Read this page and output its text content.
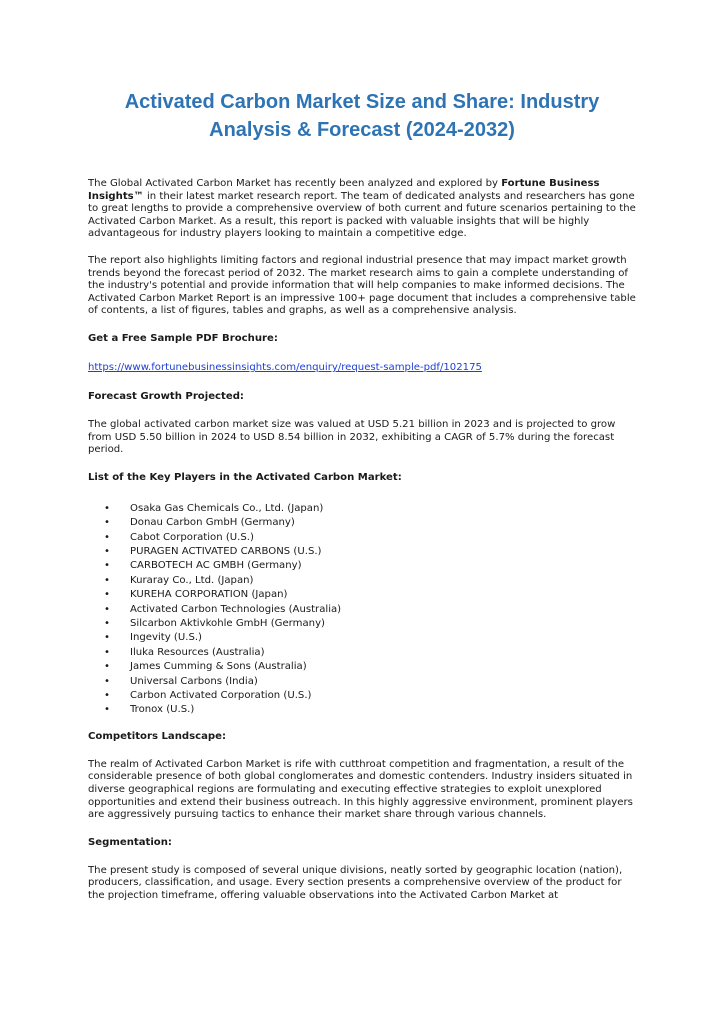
Activated Carbon Market Size and Share: Industry Analysis & Forecast (2024-2032)

The Global Activated Carbon Market has recently been analyzed and explored by Fortune Business Insights™ in their latest market research report. The team of dedicated analysts and researchers has gone to great lengths to provide a comprehensive overview of both current and future scenarios pertaining to the Activated Carbon Market. As a result, this report is packed with valuable insights that will be highly advantageous for industry players looking to maintain a competitive edge.

The report also highlights limiting factors and regional industrial presence that may impact market growth trends beyond the forecast period of 2032. The market research aims to gain a complete understanding of the industry's potential and provide information that will help companies to make informed decisions. The Activated Carbon Market Report is an impressive 100+ page document that includes a comprehensive table of contents, a list of figures, tables and graphs, as well as a comprehensive analysis.

Get a Free Sample PDF Brochure:
https://www.fortunebusinessinsights.com/enquiry/request-sample-pdf/102175
Forecast Growth Projected:

The global activated carbon market size was valued at USD 5.21 billion in 2023 and is projected to grow from USD 5.50 billion in 2024 to USD 8.54 billion in 2032, exhibiting a CAGR of 5.7% during the forecast period.

List of the Key Players in the Activated Carbon Market:
• Osaka Gas Chemicals Co., Ltd. (Japan)
• Donau Carbon GmbH (Germany)
• Cabot Corporation (U.S.)
• PURAGEN ACTIVATED CARBONS (U.S.)
• CARBOTECH AC GMBH (Germany)
• Kuraray Co., Ltd. (Japan)
• KUREHA CORPORATION (Japan)
• Activated Carbon Technologies (Australia)
• Silcarbon Aktivkohle GmbH (Germany)
• Ingevity (U.S.)
• Iluka Resources (Australia)
• James Cumming & Sons (Australia)
• Universal Carbons (India)
• Carbon Activated Corporation (U.S.)
• Tronox (U.S.)
Competitors Landscape:

The realm of Activated Carbon Market is rife with cutthroat competition and fragmentation, a result of the considerable presence of both global conglomerates and domestic contenders. Industry insiders situated in diverse geographical regions are formulating and executing effective strategies to exploit unexplored opportunities and extend their business outreach. In this highly aggressive environment, prominent players are aggressively pursuing tactics to enhance their market share through various channels.

Segmentation:

The present study is composed of several unique divisions, neatly sorted by geographic location (nation), producers, classification, and usage. Every section presents a comprehensive overview of the product for the projection timeframe, offering valuable observations into the Activated Carbon Market at
